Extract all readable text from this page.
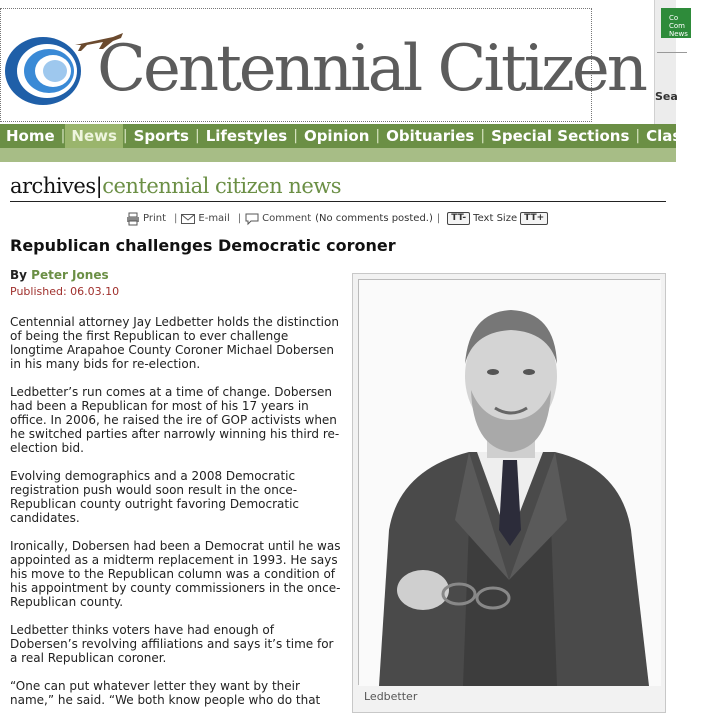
Centennial Citizen
Co Com News
Sea
Home | News | Sports | Lifestyles | Opinion | Obituaries | Special Sections | Classifie
archives|centennial citizen news
Print | E-mail | Comment (No comments posted.) |	TT- Text Size TT+
Republican challenges Democratic coroner
By Peter Jones
Published: 06.03.10

Centennial attorney Jay Ledbetter holds the distinction of being the first Republican to ever challenge longtime Arapahoe County Coroner Michael Dobersen in his many bids for re-election.

Ledbetter’s run comes at a time of change. Dobersen had been a Republican for most of his 17 years in office. In 2006, he raised the ire of GOP activists when he switched parties after narrowly winning his third re-election bid.

Evolving demographics and a 2008 Democratic registration push would soon result in the once-Republican county outright favoring Democratic candidates.

Ironically, Dobersen had been a Democrat until he was appointed as a midterm replacement in 1993. He says his move to the Republican column was a condition of his appointment by county commissioners in the once-Republican county.

Ledbetter thinks voters have had enough of Dobersen’s revolving affiliations and says it’s time for a real Republican coroner.

“One can put whatever letter they want by their name,” he said. “We both know people who do that	Ledbetter
